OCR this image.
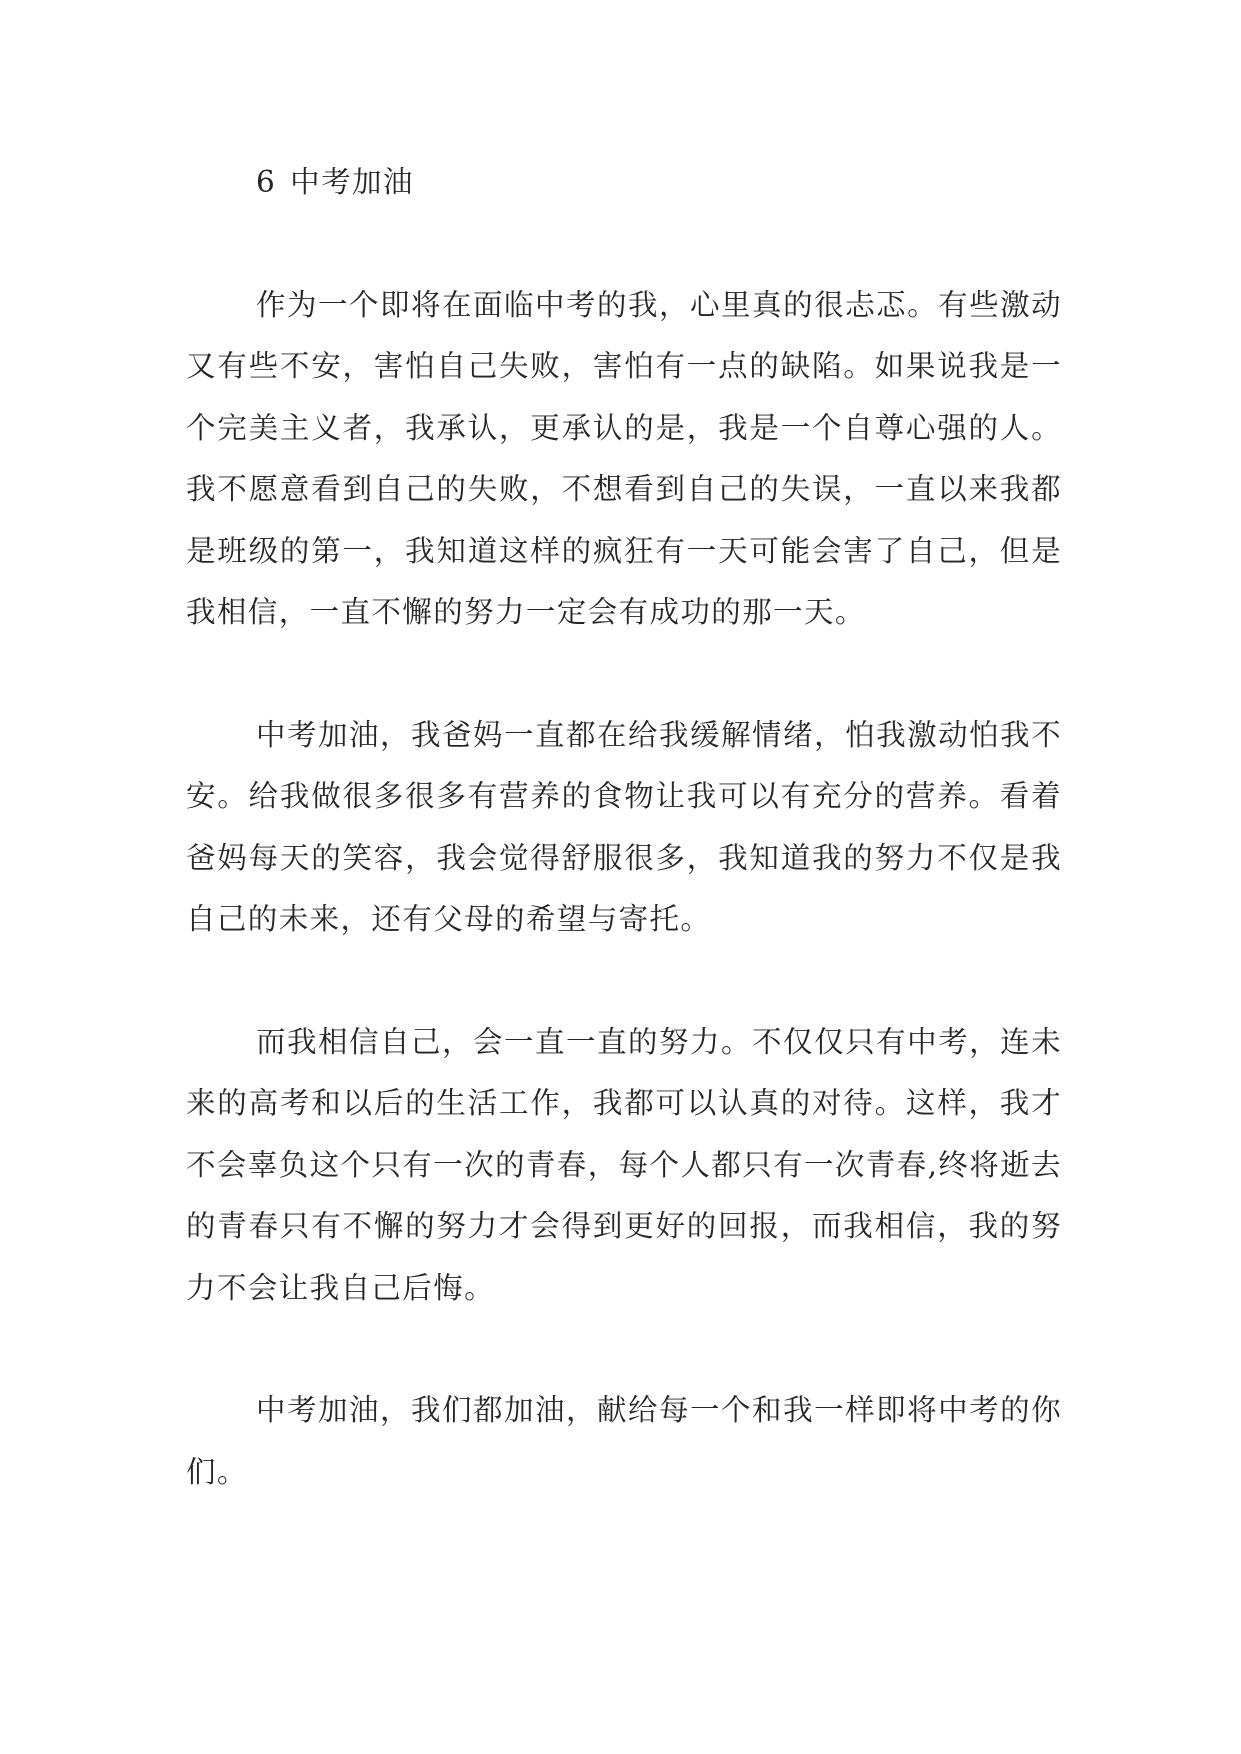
6 中考加油

作为一个即将在面临中考的我，心里真的很忐忑。有些激动又有些不安，害怕自己失败，害怕有一点的缺陷。如果说我是一个完美主义者，我承认，更承认的是，我是一个自尊心强的人。我不愿意看到自己的失败，不想看到自己的失误，一直以来我都是班级的第一，我知道这样的疯狂有一天可能会害了自己，但是我相信，一直不懈的努力一定会有成功的那一天。

中考加油，我爸妈一直都在给我缓解情绪，怕我激动怕我不安。给我做很多很多有营养的食物让我可以有充分的营养。看着爸妈每天的笑容，我会觉得舒服很多，我知道我的努力不仅是我自己的未来，还有父母的希望与寄托。

而我相信自己，会一直一直的努力。不仅仅只有中考，连未来的高考和以后的生活工作，我都可以认真的对待。这样，我才不会辜负这个只有一次的青春，每个人都只有一次青春,终将逝去的青春只有不懈的努力才会得到更好的回报，而我相信，我的努力不会让我自己后悔。

中考加油，我们都加油，献给每一个和我一样即将中考的你们。
